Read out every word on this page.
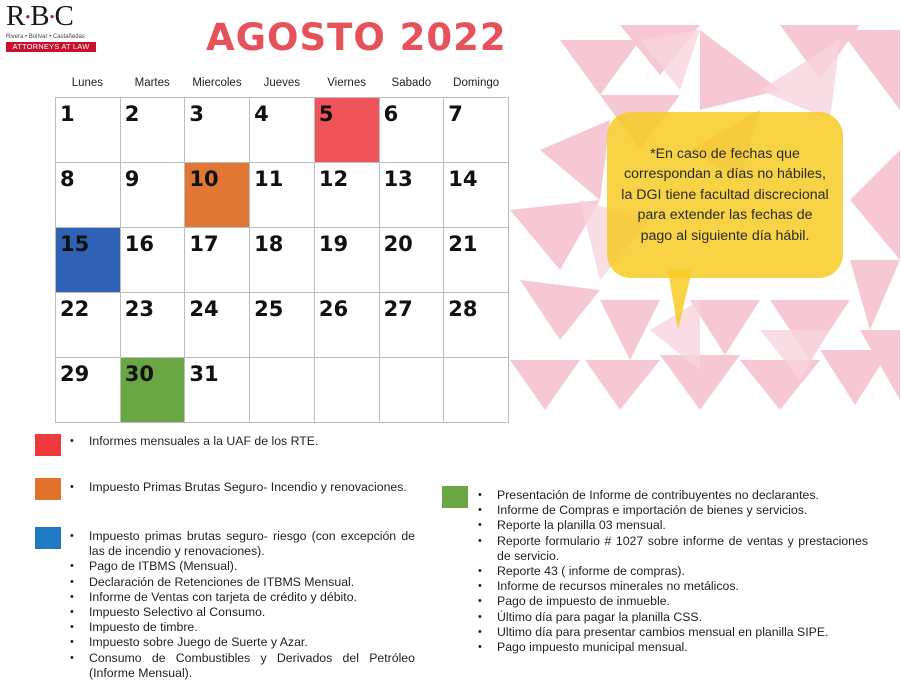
R•B•C
Rivera • Bolívar • Castañedas
ATTORNEYS AT LAW	AGOSTO 2022
Lunes	Martes	Miercoles	Jueves	Viernes	Sabado	Domingo
1 2 3 4 5 6 7
8 9 10 11 12 13 14
15 16 17 18 19 20 21
22 23 24 25 26 27 28
29 30 31
*En caso de fechas que correspondan a días no hábiles, la DGI tiene facultad discrecional para extender las fechas de pago al siguiente día hábil.
• Informes mensuales a la UAF de los RTE.
• Impuesto Primas Brutas Seguro- Incendio y renovaciones.
• Impuesto primas brutas seguro- riesgo (con excepción de las de incendio y renovaciones).
• Pago de ITBMS (Mensual).
• Declaración de Retenciones de ITBMS Mensual.
• Informe de Ventas con tarjeta de crédito y débito.
• Impuesto Selectivo al Consumo.
• Impuesto de timbre.
• Impuesto sobre Juego de Suerte y Azar.
• Consumo de Combustibles y Derivados del Petróleo (Informe Mensual).
• Presentación de Informe de contribuyentes no declarantes.
• Informe de Compras e importación de bienes y servicios.
• Reporte la planilla 03 mensual.
• Reporte formulario # 1027 sobre informe de ventas y prestaciones de servicio.
• Reporte 43 ( informe de compras).
• Informe de recursos minerales no metálicos.
• Pago de impuesto de inmueble.
• Último día para pagar la planilla CSS.
• Ultimo día para presentar cambios mensual en planilla SIPE.
• Pago impuesto municipal mensual.
